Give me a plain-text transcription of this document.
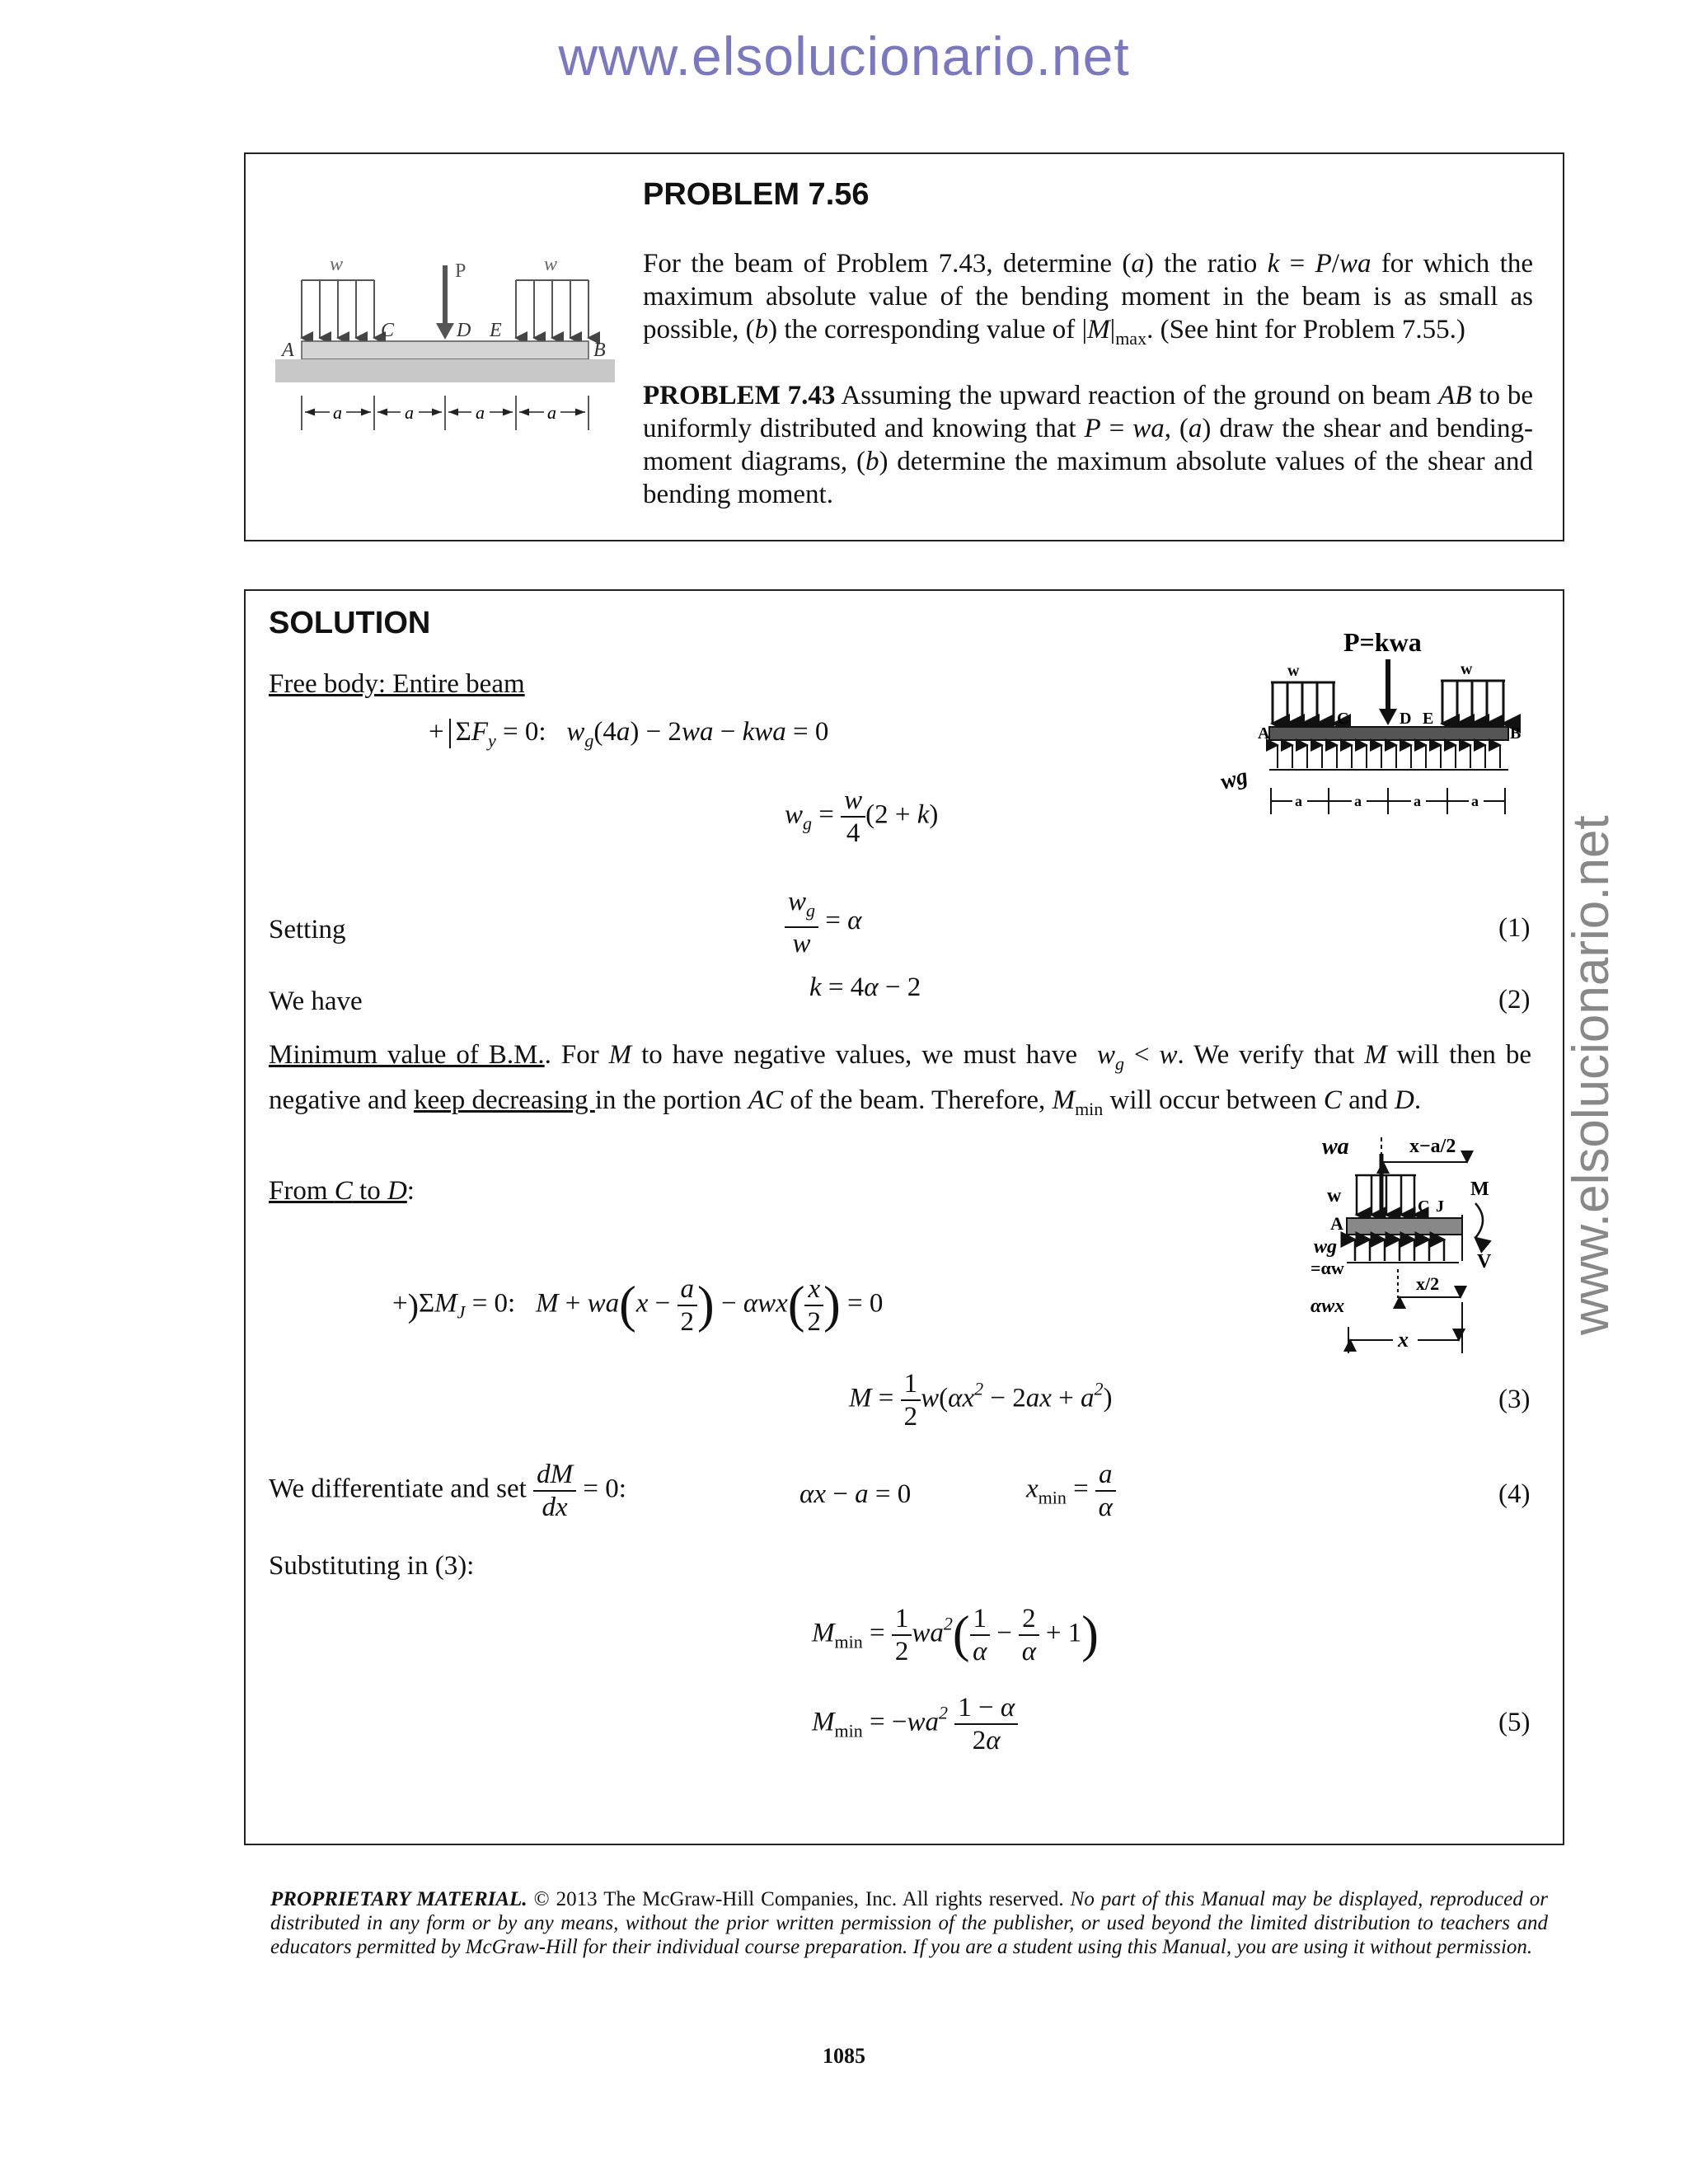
www.elsolucionario.net
www.elsolucionario.net
w	w
P
A	B
C	D E
a	a	a	a
PROBLEM 7.56
For the beam of Problem 7.43, determine (a) the ratio k = P/wa for which the maximum absolute value of the bending moment in the beam is as small as possible, (b) the corresponding value of $|M|_{max}$. (See hint for Problem 7.55.)
PROBLEM 7.43 Assuming the upward reaction of the ground on beam AB to be uniformly distributed and knowing that P = wa, (a) draw the shear and bending-moment diagrams, (b) determine the maximum absolute values of the shear and bending moment.
SOLUTION
Free body: Entire beam
+ $\Sigma F_y = 0$:   $w_g(4a) - 2wa$ − kwa = 0
$w_g = \frac{w}{4} (2 + k)$
P=kwa
w	w
A	B
C	D E
wg
a	a	a	a
Setting	$\frac{w_g}{w} = \alpha$	(1)
We have	k = 4α − 2	(2)
Minimum value of B.M.. For M to have negative values, we must have  $w_g < w$. We verify that M will then be negative and keep decreasing in the portion AC of the beam. Therefore, $M_{min}$ will occur between C and D.
From C to D:
wa	x−a/2
w	C J
A
M
V
wg
=αw
αwx
x/2
x
$+)\Sigma M_J = 0$:   $M + wa(x - \frac{a}{2}$ ) − $\alpha wx( \frac{x}{2}$ ) = 0
$M = \frac{1}{2} w(\alpha x^2 - 2ax + a^2)$	(3)
We differentiate and set $\frac{dM}{dx} = 0$:	αx − a = 0	$x_{min} = \frac{a}{\alpha}$	(4)
Substituting in (3):
$M_{min} = \frac{1}{2} wa^2( \frac{1}{\alpha} - \frac{2}{\alpha} + 1)$
$M_{min} = -wa^2 \frac{1 - \alpha}{2\alpha}$	(5)
PROPRIETARY MATERIAL. © 2013 The McGraw-Hill Companies, Inc. All rights reserved. No part of this Manual may be displayed, reproduced or distributed in any form or by any means, without the prior written permission of the publisher, or used beyond the limited distribution to teachers and educators permitted by McGraw-Hill for their individual course preparation. If you are a student using this Manual, you are using it without permission.
1085
